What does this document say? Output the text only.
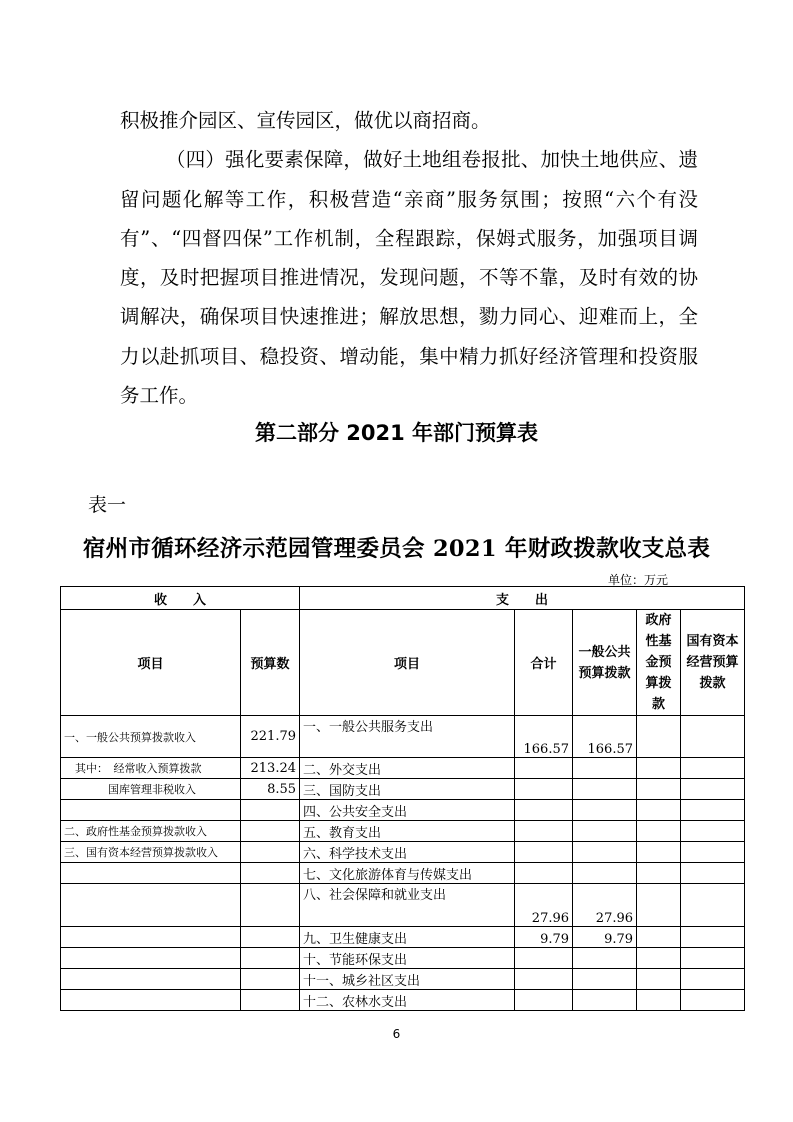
积极推介园区、宣传园区，做优以商招商。

（四）强化要素保障，做好土地组卷报批、加快土地供应、遗留问题化解等工作，积极营造“亲商”服务氛围；按照“六个有没有”、“四督四保”工作机制，全程跟踪，保姆式服务，加强项目调度，及时把握项目推进情况，发现问题，不等不靠，及时有效的协调解决，确保项目快速推进；解放思想，勠力同心、迎难而上，全力以赴抓项目、稳投资、增动能，集中精力抓好经济管理和投资服务工作。

第二部分 2021 年部门预算表
表一
宿州市循环经济示范园管理委员会 2021 年财政拨款收支总表
单位：万元
收　　入		支　　出				
项目	预算数	项目	合计	一般公共预算拨款	政府性基金预算拨款	国有资本经营预算拨款
一、一般公共预算拨款收入	221.79	一、一般公共服务支出	166.57	166.57		
　其中：　经常收入预算拨款	213.24	二、外交支出				
　　　　国库管理非税收入	8.55	三、国防支出				
		四、公共安全支出				
二、政府性基金预算拨款收入		五、教育支出				
三、国有资本经营预算拨款收入		六、科学技术支出				
		七、文化旅游体育与传媒支出				
		八、社会保障和就业支出	27.96	27.96		
		九、卫生健康支出	9.79	9.79		
		十、节能环保支出				
		十一、城乡社区支出				
		十二、农林水支出				
6
